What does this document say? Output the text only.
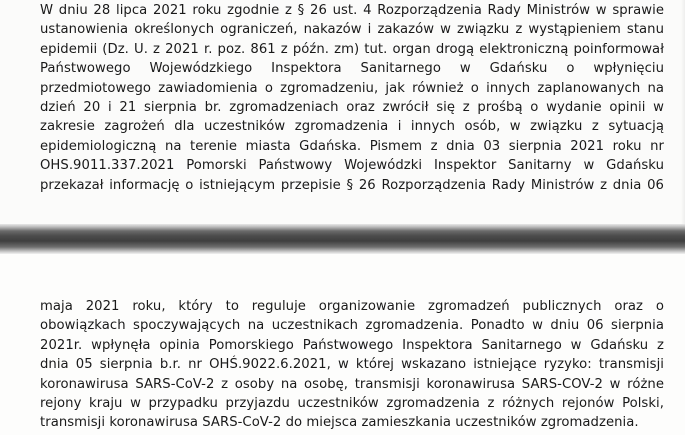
W dniu 28 lipca 2021 roku zgodnie z § 26 ust. 4 Rozporządzenia Rady Ministrów w sprawie
ustanowienia określonych ograniczeń, nakazów i zakazów w związku z wystąpieniem stanu
epidemii (Dz. U. z 2021 r. poz. 861 z późn. zm) tut. organ drogą elektroniczną poinformował
Państwowego Wojewódzkiego Inspektora Sanitarnego w Gdańsku o wpłynięciu
przedmiotowego zawiadomienia o zgromadzeniu, jak również o innych zaplanowanych na
dzień 20 i 21 sierpnia br. zgromadzeniach oraz zwrócił się z prośbą o wydanie opinii w
zakresie zagrożeń dla uczestników zgromadzenia i innych osób, w związku z sytuacją
epidemiologiczną na terenie miasta Gdańska. Pismem z dnia 03 sierpnia 2021 roku nr
OHS.9011.337.2021 Pomorski Państwowy Wojewódzki Inspektor Sanitarny w Gdańsku
przekazał informację o istniejącym przepisie § 26 Rozporządzenia Rady Ministrów z dnia 06
maja 2021 roku, który to reguluje organizowanie zgromadzeń publicznych oraz o
obowiązkach spoczywających na uczestnikach zgromadzenia. Ponadto w dniu 06 sierpnia
2021r. wpłynęła opinia Pomorskiego Państwowego Inspektora Sanitarnego w Gdańsku z
dnia 05 sierpnia b.r. nr OHŚ.9022.6.2021, w której wskazano istniejące ryzyko: transmisji
koronawirusa SARS-CoV-2 z osoby na osobę, transmisji koronawirusa SARS-COV-2 w różne
rejony kraju w przypadku przyjazdu uczestników zgromadzenia z różnych rejonów Polski,
transmisji koronawirusa SARS-CoV-2 do miejsca zamieszkania uczestników zgromadzenia.
